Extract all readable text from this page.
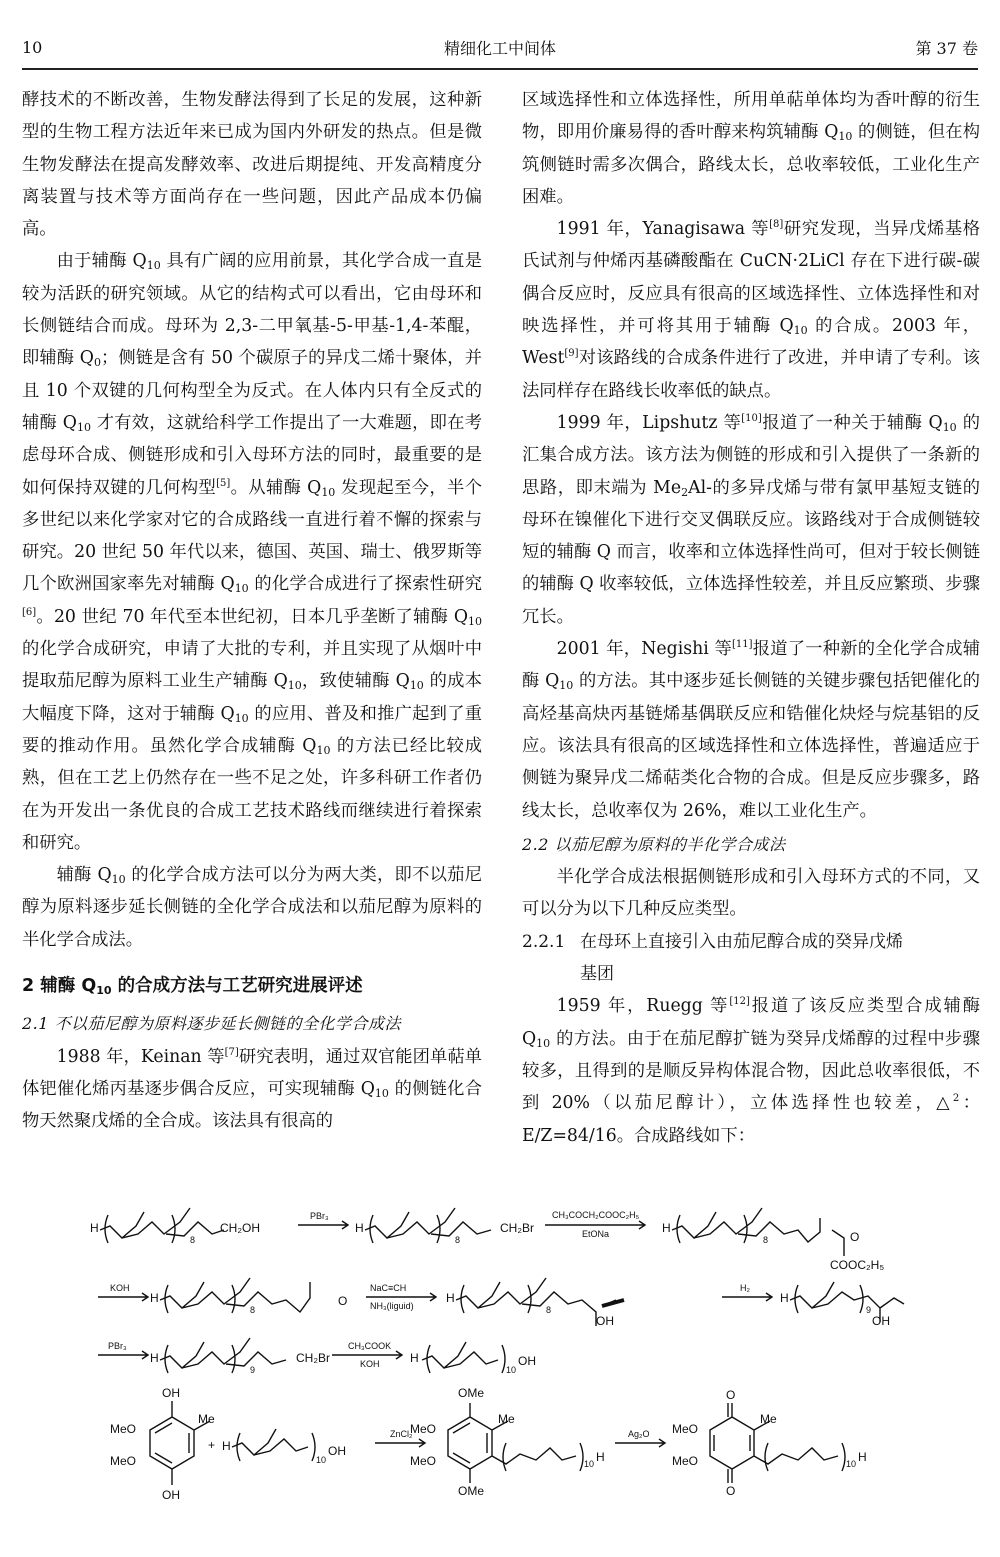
10	精细化工中间体	第 37 卷

酵技术的不断改善，生物发酵法得到了长足的发展，这种新型的生物工程方法近年来已成为国内外研发的热点。但是微生物发酵法在提高发酵效率、改进后期提纯、开发高精度分离装置与技术等方面尚存在一些问题，因此产品成本仍偏高。

由于辅酶 $Q_{10}$ 具有广阔的应用前景，其化学合成一直是较为活跃的研究领域。从它的结构式可以看出，它由母环和长侧链结合而成。母环为 2,3-二甲氧基-5-甲基-1,4-苯醌，即辅酶 $Q_0$；侧链是含有 50 个碳原子的异戊二烯十聚体，并且 10 个双键的几何构型全为反式。在人体内只有全反式的辅酶 $Q_{10}$ 才有效，这就给科学工作提出了一大难题，即在考虑母环合成、侧链形成和引入母环方法的同时，最重要的是如何保持双键的几何构型[5]。从辅酶 $Q_{10}$ 发现起至今，半个多世纪以来化学家对它的合成路线一直进行着不懈的探索与研究。20 世纪 50 年代以来，德国、英国、瑞士、俄罗斯等几个欧洲国家率先对辅酶 $Q_{10}$ 的化学合成进行了探索性研究[6]。20 世纪 70 年代至本世纪初，日本几乎垄断了辅酶 $Q_{10}$ 的化学合成研究，申请了大批的专利，并且实现了从烟叶中提取茄尼醇为原料工业生产辅酶 $Q_{10}$，致使辅酶 $Q_{10}$ 的成本大幅度下降，这对于辅酶 $Q_{10}$ 的应用、普及和推广起到了重要的推动作用。虽然化学合成辅酶 $Q_{10}$ 的方法已经比较成熟，但在工艺上仍然存在一些不足之处，许多科研工作者仍在为开发出一条优良的合成工艺技术路线而继续进行着探索和研究。

辅酶 $Q_{10}$ 的化学合成方法可以分为两大类，即不以茄尼醇为原料逐步延长侧链的全化学合成法和以茄尼醇为原料的半化学合成法。

2 辅酶 $Q_{10}$ 的合成方法与工艺研究进展评述
2.1 不以茄尼醇为原料逐步延长侧链的全化学合成法

1988 年，Keinan 等[7]研究表明，通过双官能团单萜单体钯催化烯丙基逐步偶合反应，可实现辅酶 $Q_{10}$ 的侧链化合物天然聚戊烯的全合成。该法具有很高的

区域选择性和立体选择性，所用单萜单体均为香叶醇的衍生物，即用价廉易得的香叶醇来构筑辅酶 $Q_{10}$ 的侧链，但在构筑侧链时需多次偶合，路线太长，总收率较低，工业化生产困难。

1991 年，Yanagisawa 等[8]研究发现，当异戊烯基格氏试剂与仲烯丙基磷酸酯在 CuCN·2LiCl 存在下进行碳-碳偶合反应时，反应具有很高的区域选择性、立体选择性和对映选择性，并可将其用于辅酶 $Q_{10}$ 的合成。2003 年，West[9]对该路线的合成条件进行了改进，并申请了专利。该法同样存在路线长收率低的缺点。

1999 年，Lipshutz 等[10]报道了一种关于辅酶 $Q_{10}$ 的汇集合成方法。该方法为侧链的形成和引入提供了一条新的思路，即末端为 $Me_2Al-$的多异戊烯与带有氯甲基短支链的母环在镍催化下进行交叉偶联反应。该路线对于合成侧链较短的辅酶 Q 而言，收率和立体选择性尚可，但对于较长侧链的辅酶 Q 收率较低，立体选择性较差，并且反应繁琐、步骤冗长。

2001 年，Negishi 等[11]报道了一种新的全化学合成辅酶 $Q_{10}$ 的方法。其中逐步延长侧链的关键步骤包括钯催化的高烃基高炔丙基链烯基偶联反应和锆催化炔烃与烷基铝的反应。该法具有很高的区域选择性和立体选择性，普遍适应于侧链为聚异戊二烯萜类化合物的合成。但是反应步骤多，路线太长，总收率仅为 26%，难以工业化生产。

2.2 以茄尼醇为原料的半化学合成法

半化学合成法根据侧链形成和引入母环方式的不同，又可以分为以下几种反应类型。

2.2.1 在母环上直接引入由茄尼醇合成的癸异戊烯
基团

1959 年，Ruegg 等[12]报道了该反应类型合成辅酶 $Q_{10}$ 的方法。由于在茄尼醇扩链为癸异戊烯醇的过程中步骤较多，且得到的是顺反异构体混合物，因此总收率很低，不到 20%（以茄尼醇计），立体选择性也较差，△$^2$：E/Z=84/16。合成路线如下：

H
8
CH₂OH
PBr₃
H
8
CH₂Br
CH₃COCH₂COOC₂H₅
EtONa	H
8	O
COOC₂H₅
KOH
H
8
O
NaC≡CH
NH₃(liguid)
H
8
OH
H₂
H
9
OH
PBr₃
H
9
CH₂Br
CH₃COOK
KOH	H
10
OH
OH
MeO
MeO
Me
OH
+ H
10
OH
ZnCl₂
OMe
MeO
MeO
Me
OMe
10 H
Ag₂O
O
MeO
MeO
Me
O
10 H
